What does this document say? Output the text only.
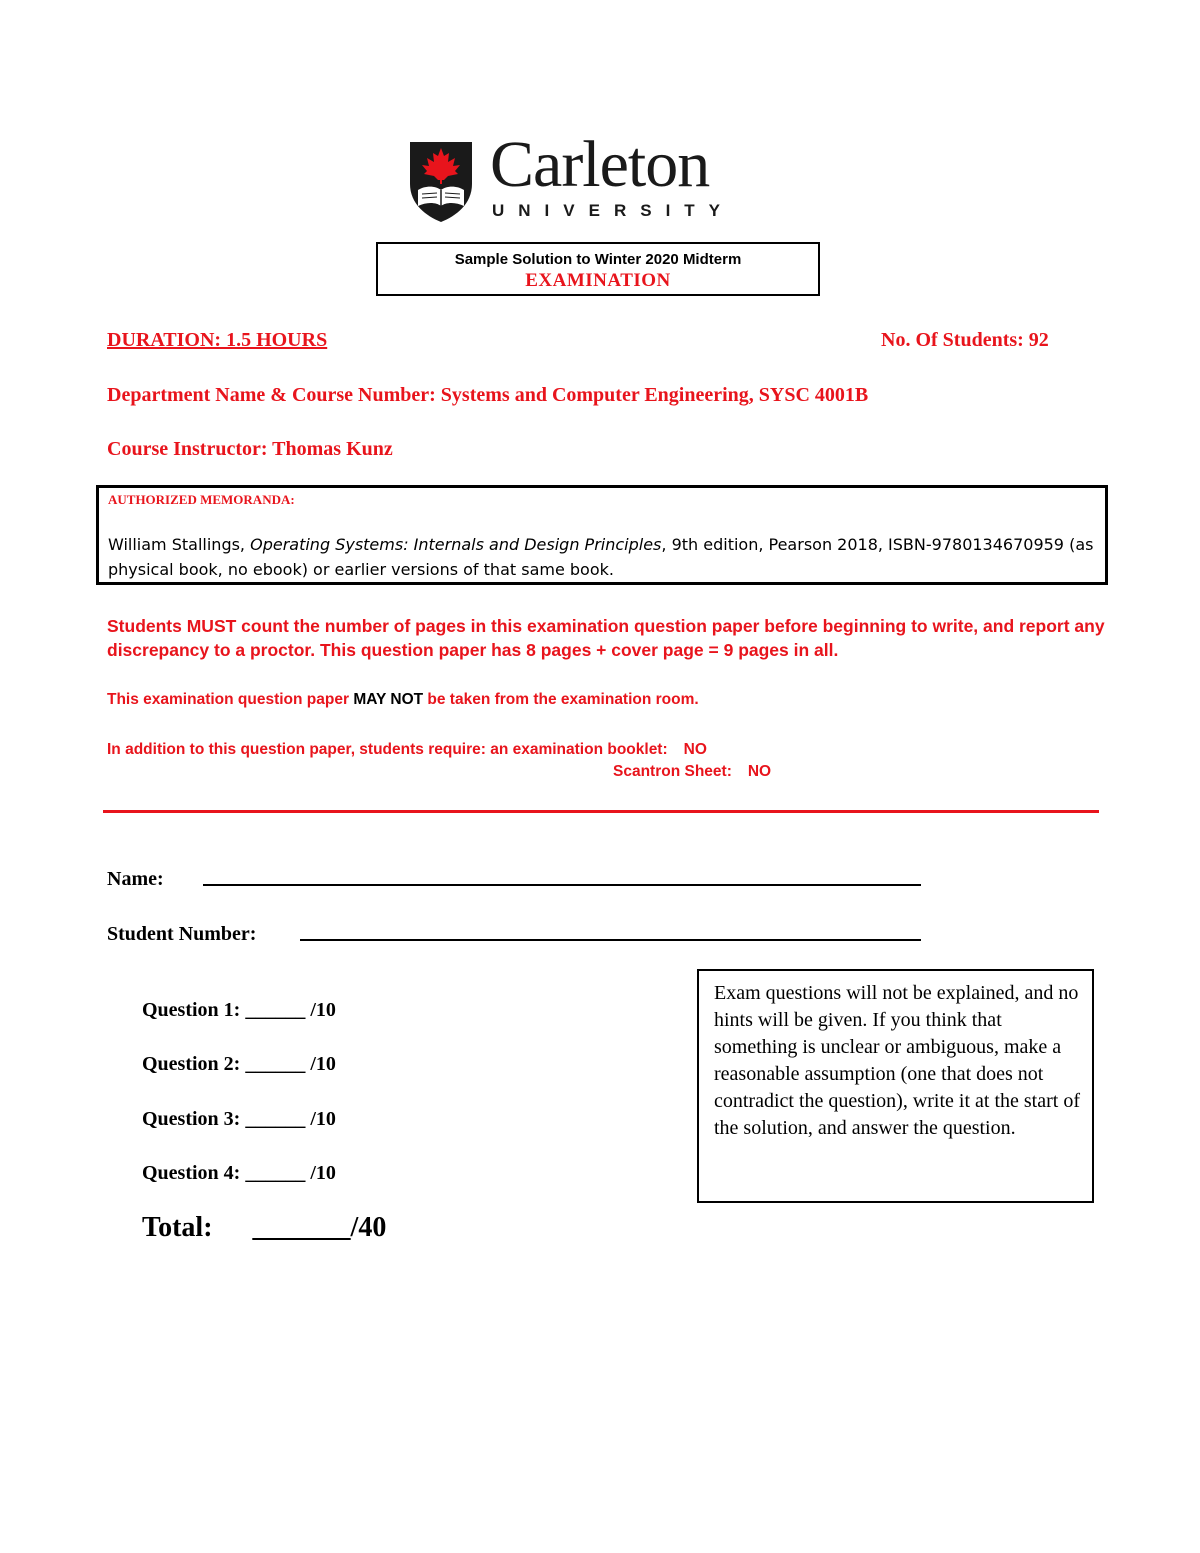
Carleton
UNIVERSITY
Sample Solution to Winter 2020 Midterm
EXAMINATION
DURATION: 1.5 HOURS	No. Of Students: 92
Department Name & Course Number: Systems and Computer Engineering, SYSC 4001B
Course Instructor: Thomas Kunz
AUTHORIZED MEMORANDA:
William Stallings, Operating Systems: Internals and Design Principles, 9th edition, Pearson 2018, ISBN-9780134670959 (as physical book, no ebook) or earlier versions of that same book.
Students MUST count the number of pages in this examination question paper before beginning to write, and report any discrepancy to a proctor. This question paper has 8 pages + cover page = 9 pages in all.
This examination question paper MAY NOT be taken from the examination room.
In addition to this question paper, students require: an examination booklet: NO
Scantron Sheet: NO
Name:
Student Number:
Question 1: ______ /10
Question 2: ______ /10
Question 3: ______ /10
Question 4: ______ /10
Total: _______/40
Exam questions will not be explained, and no hints will be given. If you think that something is unclear or ambiguous, make a reasonable assumption (one that does not contradict the question), write it at the start of the solution, and answer the question.
